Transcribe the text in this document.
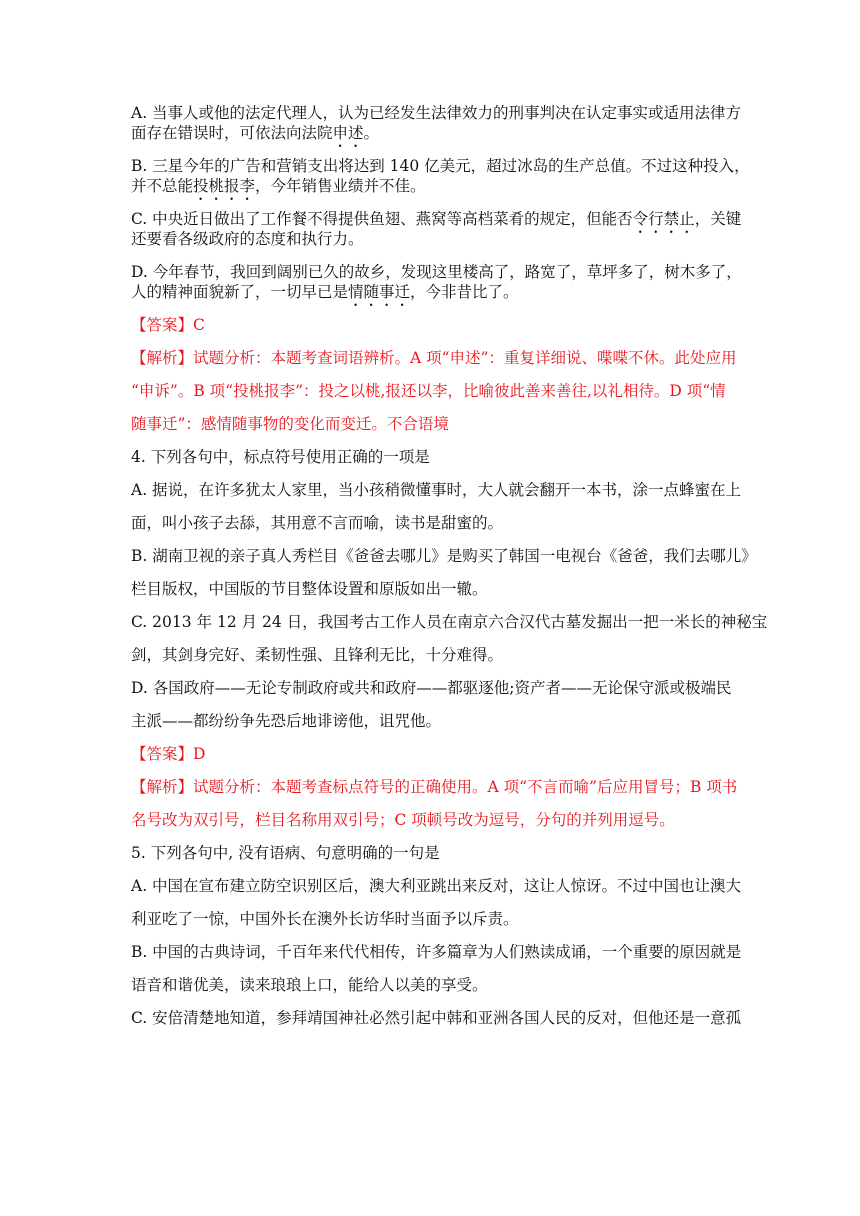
A. 当事人或他的法定代理人，认为已经发生法律效力的刑事判决在认定事实或适用法律方
面存在错误时，可依法向法院申述。
B. 三星今年的广告和营销支出将达到 140 亿美元，超过冰岛的生产总值。不过这种投入，
并不总能投桃报李，今年销售业绩并不佳。
C. 中央近日做出了工作餐不得提供鱼翅、燕窝等高档菜肴的规定，但能否令行禁止，关键
还要看各级政府的态度和执行力。
D. 今年春节，我回到阔别已久的故乡，发现这里楼高了，路宽了，草坪多了，树木多了，
人的精神面貌新了，一切早已是情随事迁，今非昔比了。
【答案】C
【解析】试题分析：本题考查词语辨析。A 项“申述”：重复详细说、喋喋不休。此处应用
“申诉”。B 项“投桃报李”：投之以桃,报还以李，比喻彼此善来善往,以礼相待。D 项“情
随事迁”：感情随事物的变化而变迁。不合语境
4. 下列各句中，标点符号使用正确的一项是
A. 据说，在许多犹太人家里，当小孩稍微懂事时，大人就会翻开一本书，涂一点蜂蜜在上
面，叫小孩子去舔，其用意不言而喻，读书是甜蜜的。
B. 湖南卫视的亲子真人秀栏目《爸爸去哪儿》是购买了韩国一电视台《爸爸，我们去哪儿》
栏目版权，中国版的节目整体设置和原版如出一辙。
C. 2013 年 12 月 24 日，我国考古工作人员在南京六合汉代古墓发掘出一把一米长的神秘宝
剑，其剑身完好、柔韧性强、且锋利无比，十分难得。
D. 各国政府——无论专制政府或共和政府——都驱逐他;资产者——无论保守派或极端民
主派——都纷纷争先恐后地诽谤他，诅咒他。
【答案】D
【解析】试题分析：本题考查标点符号的正确使用。A 项“不言而喻”后应用冒号；B 项书
名号改为双引号，栏目名称用双引号；C 项顿号改为逗号，分句的并列用逗号。
5. 下列各句中, 没有语病、句意明确的一句是
A. 中国在宣布建立防空识别区后，澳大利亚跳出来反对，这让人惊讶。不过中国也让澳大
利亚吃了一惊，中国外长在澳外长访华时当面予以斥责。
B. 中国的古典诗词，千百年来代代相传，许多篇章为人们熟读成诵，一个重要的原因就是
语音和谐优美，读来琅琅上口，能给人以美的享受。
C. 安倍清楚地知道，参拜靖国神社必然引起中韩和亚洲各国人民的反对，但他还是一意孤
